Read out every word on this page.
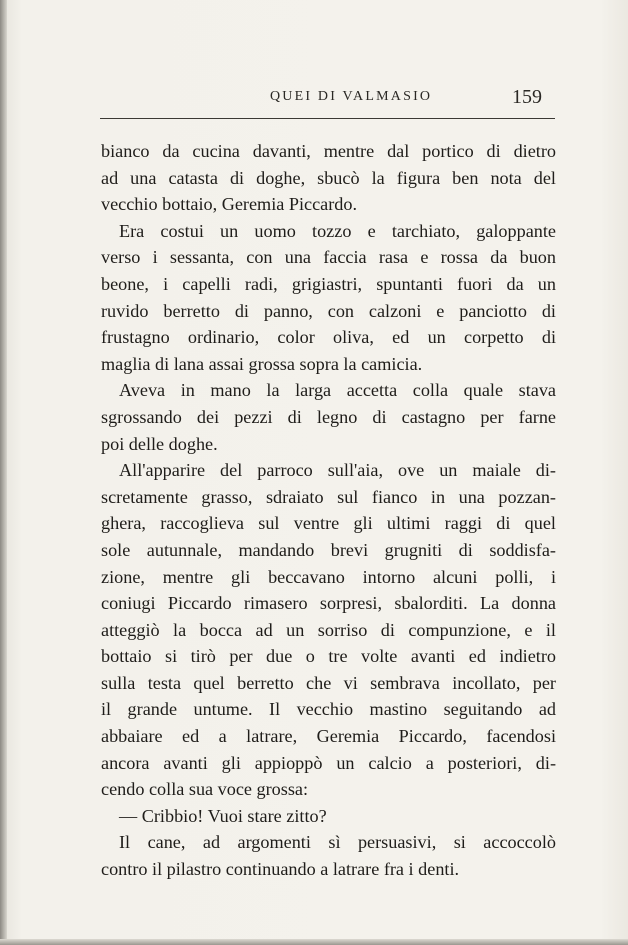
QUEI DI VALMASIO	159
bianco da cucina davanti, mentre dal portico di dietro
ad una catasta di doghe, sbucò la figura ben nota del
vecchio bottaio, Geremia Piccardo.
Era costui un uomo tozzo e tarchiato, galoppante
verso i sessanta, con una faccia rasa e rossa da buon
beone, i capelli radi, grigiastri, spuntanti fuori da un
ruvido berretto di panno, con calzoni e panciotto di
frustagno ordinario, color oliva, ed un corpetto di
maglia di lana assai grossa sopra la camicia.
Aveva in mano la larga accetta colla quale stava
sgrossando dei pezzi di legno di castagno per farne
poi delle doghe.
All'apparire del parroco sull'aia, ove un maiale di-
scretamente grasso, sdraiato sul fianco in una pozzan-
ghera, raccoglieva sul ventre gli ultimi raggi di quel
sole autunnale, mandando brevi grugniti di soddisfa-
zione, mentre gli beccavano intorno alcuni polli, i
coniugi Piccardo rimasero sorpresi, sbalorditi. La donna
atteggiò la bocca ad un sorriso di compunzione, e il
bottaio si tirò per due o tre volte avanti ed indietro
sulla testa quel berretto che vi sembrava incollato, per
il grande untume. Il vecchio mastino seguitando ad
abbaiare ed a latrare, Geremia Piccardo, facendosi
ancora avanti gli appioppò un calcio a posteriori, di-
cendo colla sua voce grossa:
— Cribbio! Vuoi stare zitto?
Il cane, ad argomenti sì persuasivi, si accoccolò
contro il pilastro continuando a latrare fra i denti.
